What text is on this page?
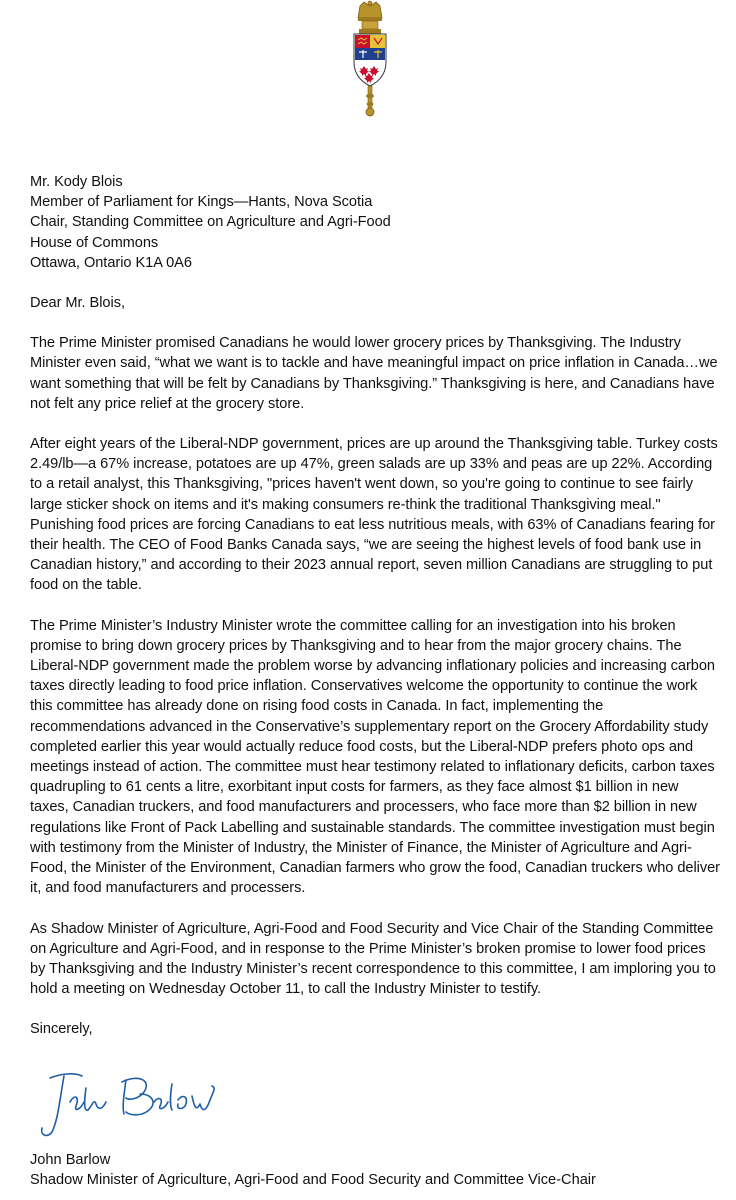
Mr. Kody Blois
Member of Parliament for Kings—Hants, Nova Scotia
Chair, Standing Committee on Agriculture and Agri-Food
House of Commons
Ottawa, Ontario K1A 0A6
Dear Mr. Blois,

The Prime Minister promised Canadians he would lower grocery prices by Thanksgiving. The Industry Minister even said, “what we want is to tackle and have meaningful impact on price inflation in Canada…we want something that will be felt by Canadians by Thanksgiving.” Thanksgiving is here, and Canadians have not felt any price relief at the grocery store.

After eight years of the Liberal-NDP government, prices are up around the Thanksgiving table. Turkey costs 2.49/lb—a 67% increase, potatoes are up 47%, green salads are up 33% and peas are up 22%. According to a retail analyst, this Thanksgiving, "prices haven't went down, so you're going to continue to see fairly large sticker shock on items and it's making consumers re-think the traditional Thanksgiving meal." Punishing food prices are forcing Canadians to eat less nutritious meals, with 63% of Canadians fearing for their health. The CEO of Food Banks Canada says, “we are seeing the highest levels of food bank use in Canadian history,” and according to their 2023 annual report, seven million Canadians are struggling to put food on the table.

The Prime Minister’s Industry Minister wrote the committee calling for an investigation into his broken promise to bring down grocery prices by Thanksgiving and to hear from the major grocery chains. The Liberal-NDP government made the problem worse by advancing inflationary policies and increasing carbon taxes directly leading to food price inflation. Conservatives welcome the opportunity to continue the work this committee has already done on rising food costs in Canada. In fact, implementing the recommendations advanced in the Conservative’s supplementary report on the Grocery Affordability study completed earlier this year would actually reduce food costs, but the Liberal-NDP prefers photo ops and meetings instead of action. The committee must hear testimony related to inflationary deficits, carbon taxes quadrupling to 61 cents a litre, exorbitant input costs for farmers, as they face almost $1 billion in new taxes, Canadian truckers, and food manufacturers and processers, who face more than $2 billion in new regulations like Front of Pack Labelling and sustainable standards. The committee investigation must begin with testimony from the Minister of Industry, the Minister of Finance, the Minister of Agriculture and Agri-Food, the Minister of the Environment, Canadian farmers who grow the food, Canadian truckers who deliver it, and food manufacturers and processers.

As Shadow Minister of Agriculture, Agri-Food and Food Security and Vice Chair of the Standing Committee on Agriculture and Agri-Food, and in response to the Prime Minister’s broken promise to lower food prices by Thanksgiving and the Industry Minister’s recent correspondence to this committee, I am imploring you to hold a meeting on Wednesday October 11, to call the Industry Minister to testify.

Sincerely,
John Barlow
Shadow Minister of Agriculture, Agri-Food and Food Security and Committee Vice-Chair
